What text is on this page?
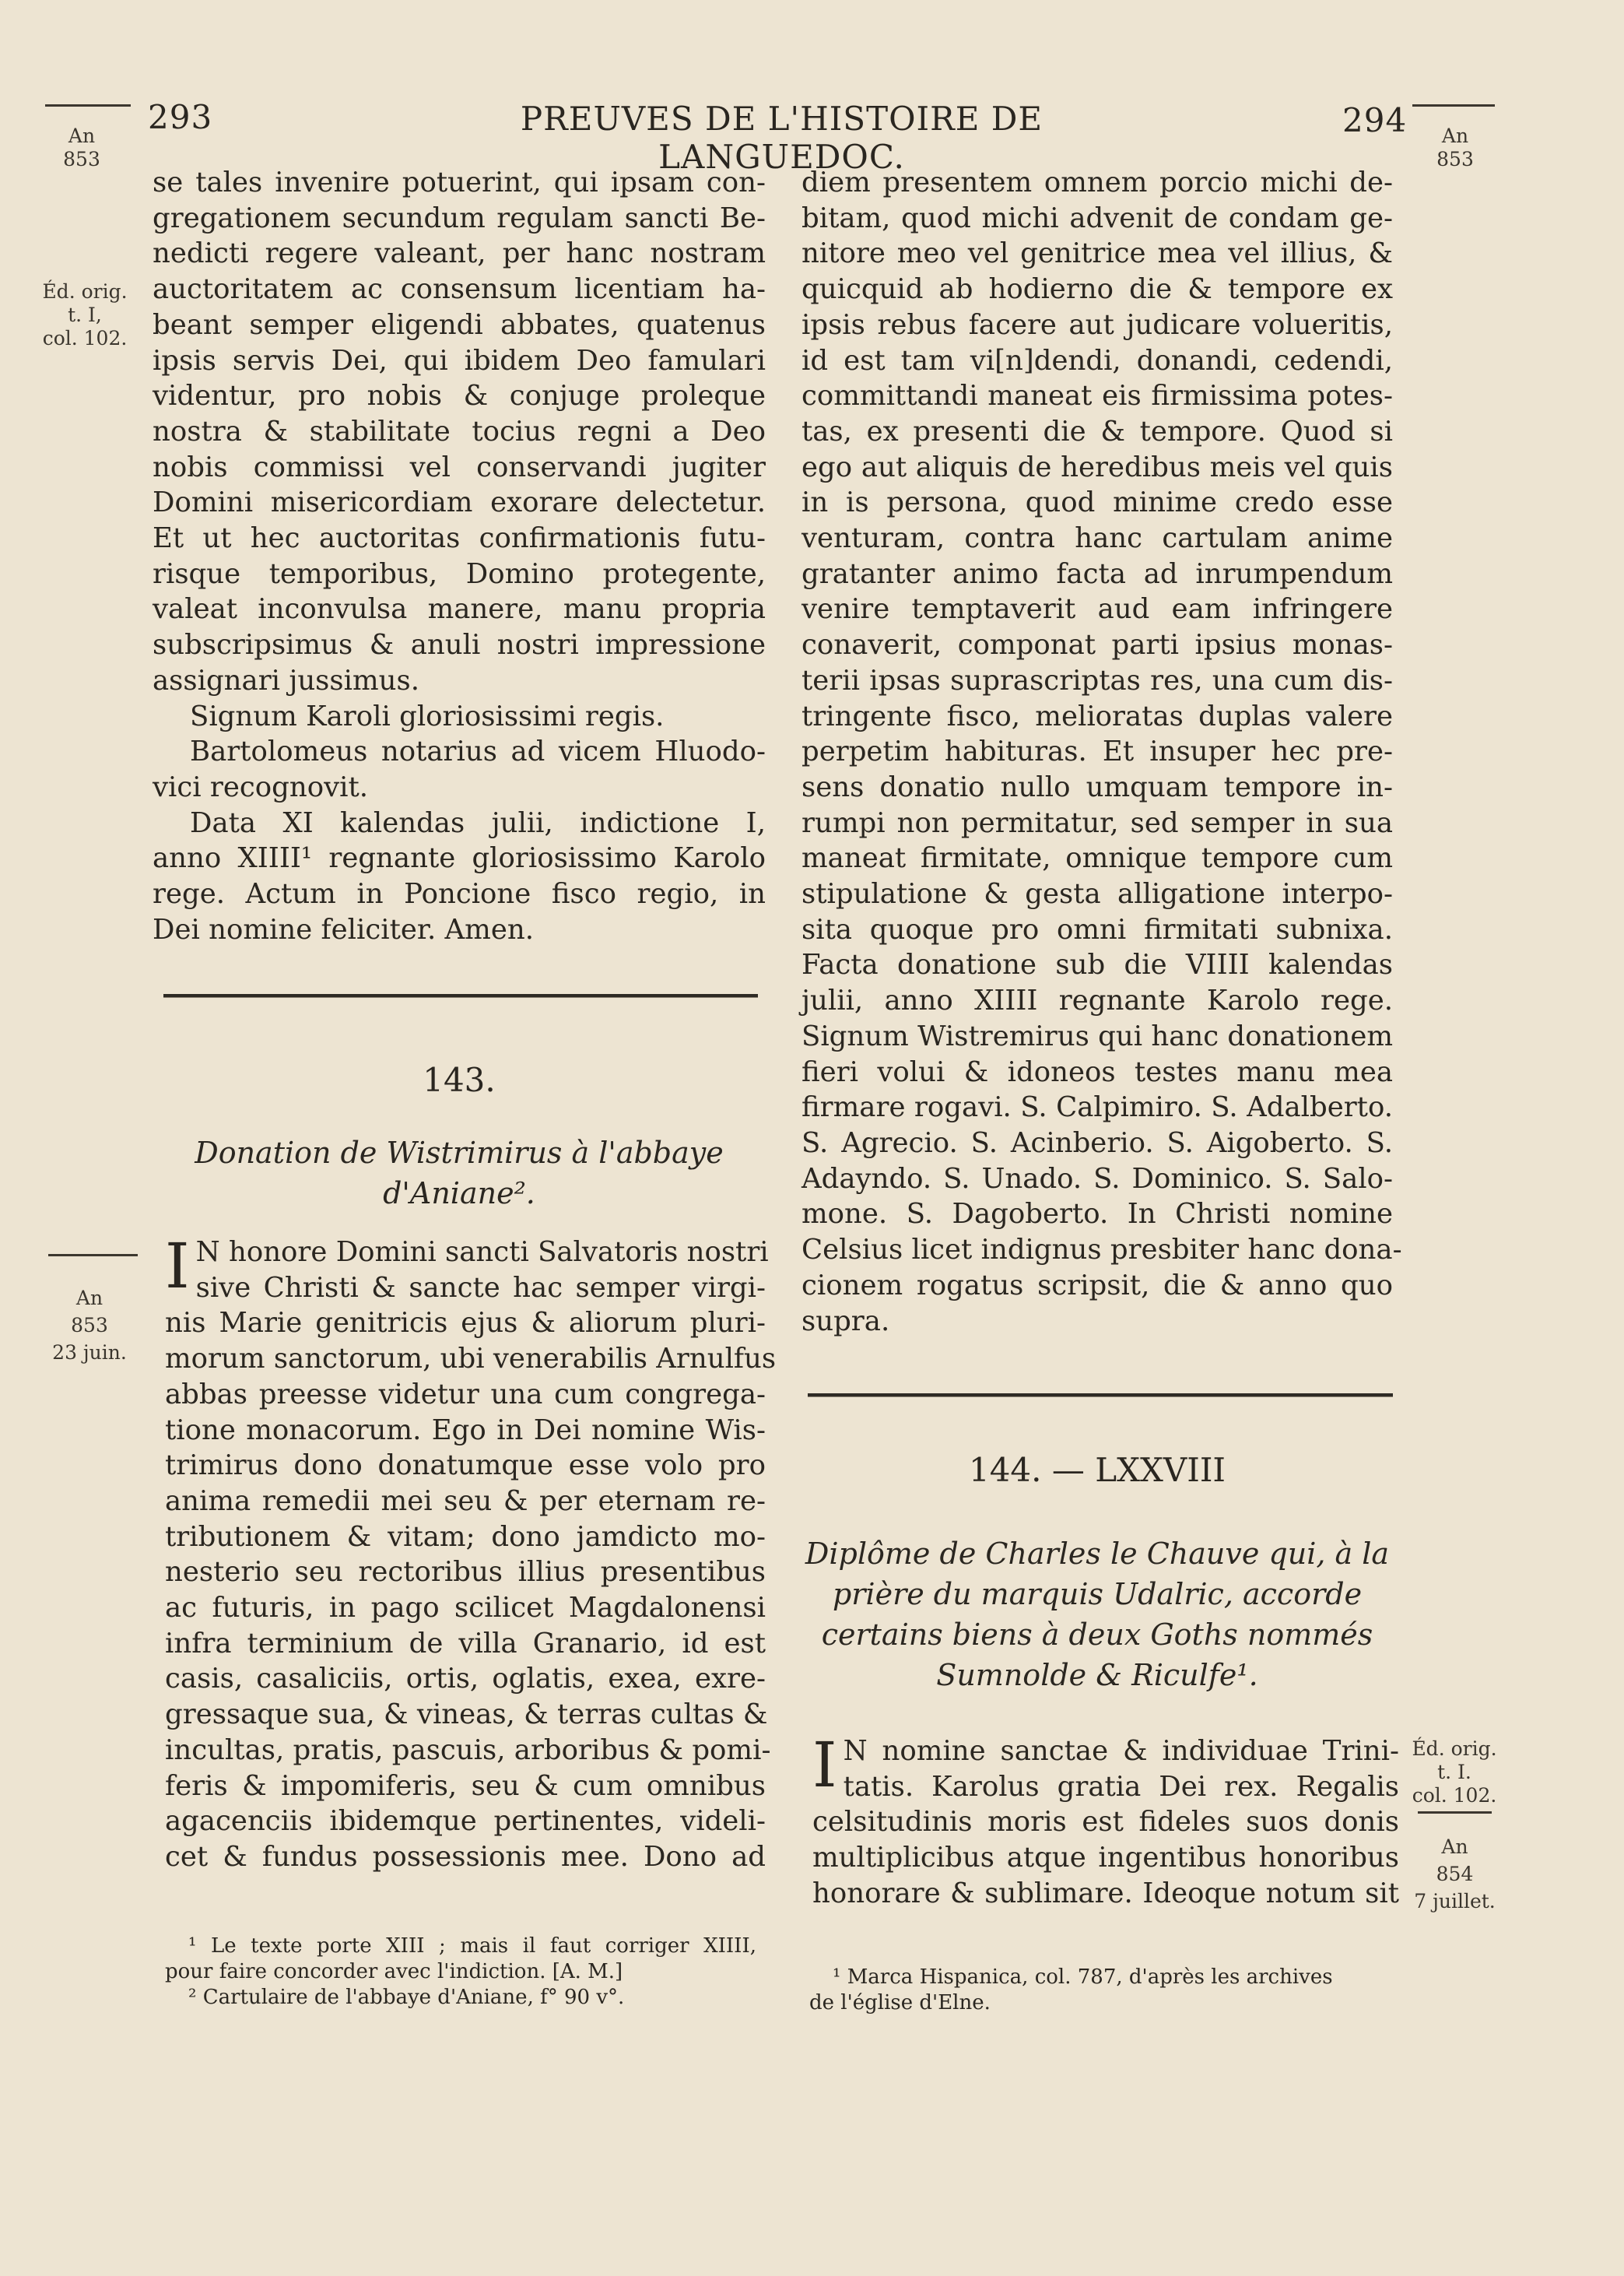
293	PREUVES DE L'HISTOIRE DE LANGUEDOC.
294
An
853
Éd. orig.
t. I,
col. 102.
An
853
23 juin.
An
853
Éd. orig.
t. I.
col. 102.
An
854
7 juillet.
se tales invenire potuerint, qui ipsam con-
gregationem secundum regulam sancti Be-
nedicti regere valeant, per hanc nostram
auctoritatem ac consensum licentiam ha-
beant semper eligendi abbates, quatenus
ipsis servis Dei, qui ibidem Deo famulari
videntur, pro nobis & conjuge proleque
nostra & stabilitate tocius regni a Deo
nobis commissi vel conservandi jugiter
Domini misericordiam exorare delectetur.
Et ut hec auctoritas confirmationis futu-
risque temporibus, Domino protegente,
valeat inconvulsa manere, manu propria
subscripsimus & anuli nostri impressione
assignari jussimus.
Signum Karoli gloriosissimi regis.
Bartolomeus notarius ad vicem Hluodo-
vici recognovit.
Data XI kalendas julii, indictione I,
anno XIIII¹ regnante gloriosissimo Karolo
rege. Actum in Poncione fisco regio, in
Dei nomine feliciter. Amen.
143.
Donation de Wistrimirus à l'abbaye
d'Aniane².
I N honore Domini sancti Salvatoris nostri
sive Christi & sancte hac semper virgi-
nis Marie genitricis ejus & aliorum pluri-
morum sanctorum, ubi venerabilis Arnulfus
abbas preesse videtur una cum congrega-
tione monacorum. Ego in Dei nomine Wis-
trimirus dono donatumque esse volo pro
anima remedii mei seu & per eternam re-
tributionem & vitam; dono jamdicto mo-
nesterio seu rectoribus illius presentibus
ac futuris, in pago scilicet Magdalonensi
infra terminium de villa Granario, id est
casis, casaliciis, ortis, oglatis, exea, exre-
gressaque sua, & vineas, & terras cultas &
incultas, pratis, pascuis, arboribus & pomi-
feris & impomiferis, seu & cum omnibus
agacenciis ibidemque pertinentes, videli-
cet & fundus possessionis mee. Dono ad
¹ Le texte porte XIII ; mais il faut corriger XIIII,
pour faire concorder avec l'indiction. [A. M.]
² Cartulaire de l'abbaye d'Aniane, f° 90 v°.
diem presentem omnem porcio michi de-
bitam, quod michi advenit de condam ge-
nitore meo vel genitrice mea vel illius, &
quicquid ab hodierno die & tempore ex
ipsis rebus facere aut judicare volueritis,
id est tam vi[n]dendi, donandi, cedendi,
committandi maneat eis firmissima potes-
tas, ex presenti die & tempore. Quod si
ego aut aliquis de heredibus meis vel quis
in is persona, quod minime credo esse
venturam, contra hanc cartulam anime
gratanter animo facta ad inrumpendum
venire temptaverit aud eam infringere
conaverit, componat parti ipsius monas-
terii ipsas suprascriptas res, una cum dis-
tringente fisco, melioratas duplas valere
perpetim habituras. Et insuper hec pre-
sens donatio nullo umquam tempore in-
rumpi non permitatur, sed semper in sua
maneat firmitate, omnique tempore cum
stipulatione & gesta alligatione interpo-
sita quoque pro omni firmitati subnixa.
Facta donatione sub die VIIII kalendas
julii, anno XIIII regnante Karolo rege.
Signum Wistremirus qui hanc donationem
fieri volui & idoneos testes manu mea
firmare rogavi. S. Calpimiro. S. Adalberto.
S. Agrecio. S. Acinberio. S. Aigoberto. S.
Adayndo. S. Unado. S. Dominico. S. Salo-
mone. S. Dagoberto. In Christi nomine
Celsius licet indignus presbiter hanc dona-
cionem rogatus scripsit, die & anno quo
supra.
144. — LXXVIII
Diplôme de Charles le Chauve qui, à la
prière du marquis Udalric, accorde
certains biens à deux Goths nommés
Sumnolde & Riculfe¹.
I N nomine sanctae & individuae Trini-
tatis. Karolus gratia Dei rex. Regalis
celsitudinis moris est fideles suos donis
multiplicibus atque ingentibus honoribus
honorare & sublimare. Ideoque notum sit
¹ Marca Hispanica, col. 787, d'après les archives
de l'église d'Elne.
